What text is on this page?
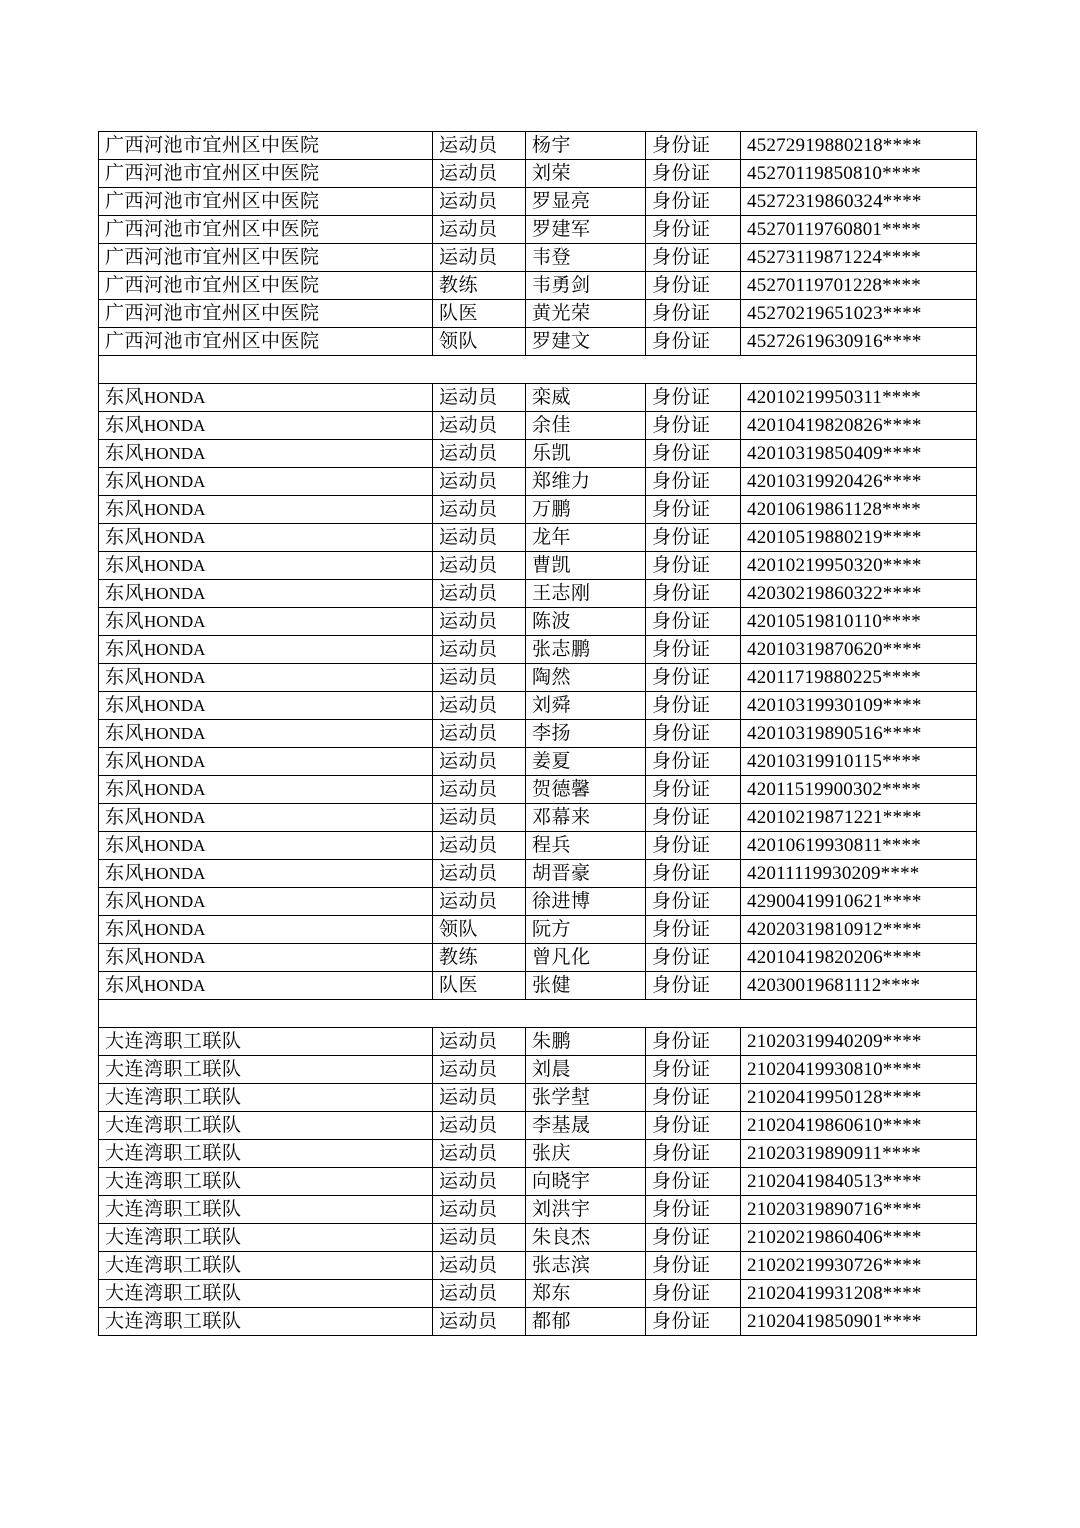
广西河池市宜州区中医院	运动员	杨宇	身份证	45272919880218****
广西河池市宜州区中医院	运动员	刘荣	身份证	45270119850810****
广西河池市宜州区中医院	运动员	罗显亮	身份证	45272319860324****
广西河池市宜州区中医院	运动员	罗建军	身份证	45270119760801****
广西河池市宜州区中医院	运动员	韦登	身份证	45273119871224****
广西河池市宜州区中医院	教练	韦勇剑	身份证	45270119701228****
广西河池市宜州区中医院	队医	黄光荣	身份证	45270219651023****
广西河池市宜州区中医院	领队	罗建文	身份证	45272619630916****

东风HONDA	运动员	栾威	身份证	42010219950311****
东风HONDA	运动员	余佳	身份证	42010419820826****
东风HONDA	运动员	乐凯	身份证	42010319850409****
东风HONDA	运动员	郑维力	身份证	42010319920426****
东风HONDA	运动员	万鹏	身份证	42010619861128****
东风HONDA	运动员	龙年	身份证	42010519880219****
东风HONDA	运动员	曹凯	身份证	42010219950320****
东风HONDA	运动员	王志刚	身份证	42030219860322****
东风HONDA	运动员	陈波	身份证	42010519810110****
东风HONDA	运动员	张志鹏	身份证	42010319870620****
东风HONDA	运动员	陶然	身份证	42011719880225****
东风HONDA	运动员	刘舜	身份证	42010319930109****
东风HONDA	运动员	李扬	身份证	42010319890516****
东风HONDA	运动员	姜夏	身份证	42010319910115****
东风HONDA	运动员	贺德馨	身份证	42011519900302****
东风HONDA	运动员	邓幕来	身份证	42010219871221****
东风HONDA	运动员	程兵	身份证	42010619930811****
东风HONDA	运动员	胡晋豪	身份证	42011119930209****
东风HONDA	运动员	徐进博	身份证	42900419910621****
东风HONDA	领队	阮方	身份证	42020319810912****
东风HONDA	教练	曾凡化	身份证	42010419820206****
东风HONDA	队医	张健	身份证	42030019681112****

大连湾职工联队	运动员	朱鹏	身份证	21020319940209****
大连湾职工联队	运动员	刘晨	身份证	21020419930810****
大连湾职工联队	运动员	张学堼	身份证	21020419950128****
大连湾职工联队	运动员	李基晟	身份证	21020419860610****
大连湾职工联队	运动员	张庆	身份证	21020319890911****
大连湾职工联队	运动员	向晓宇	身份证	21020419840513****
大连湾职工联队	运动员	刘洪宇	身份证	21020319890716****
大连湾职工联队	运动员	朱良杰	身份证	21020219860406****
大连湾职工联队	运动员	张志滨	身份证	21020219930726****
大连湾职工联队	运动员	郑东	身份证	21020419931208****
大连湾职工联队	运动员	都郁	身份证	21020419850901****
